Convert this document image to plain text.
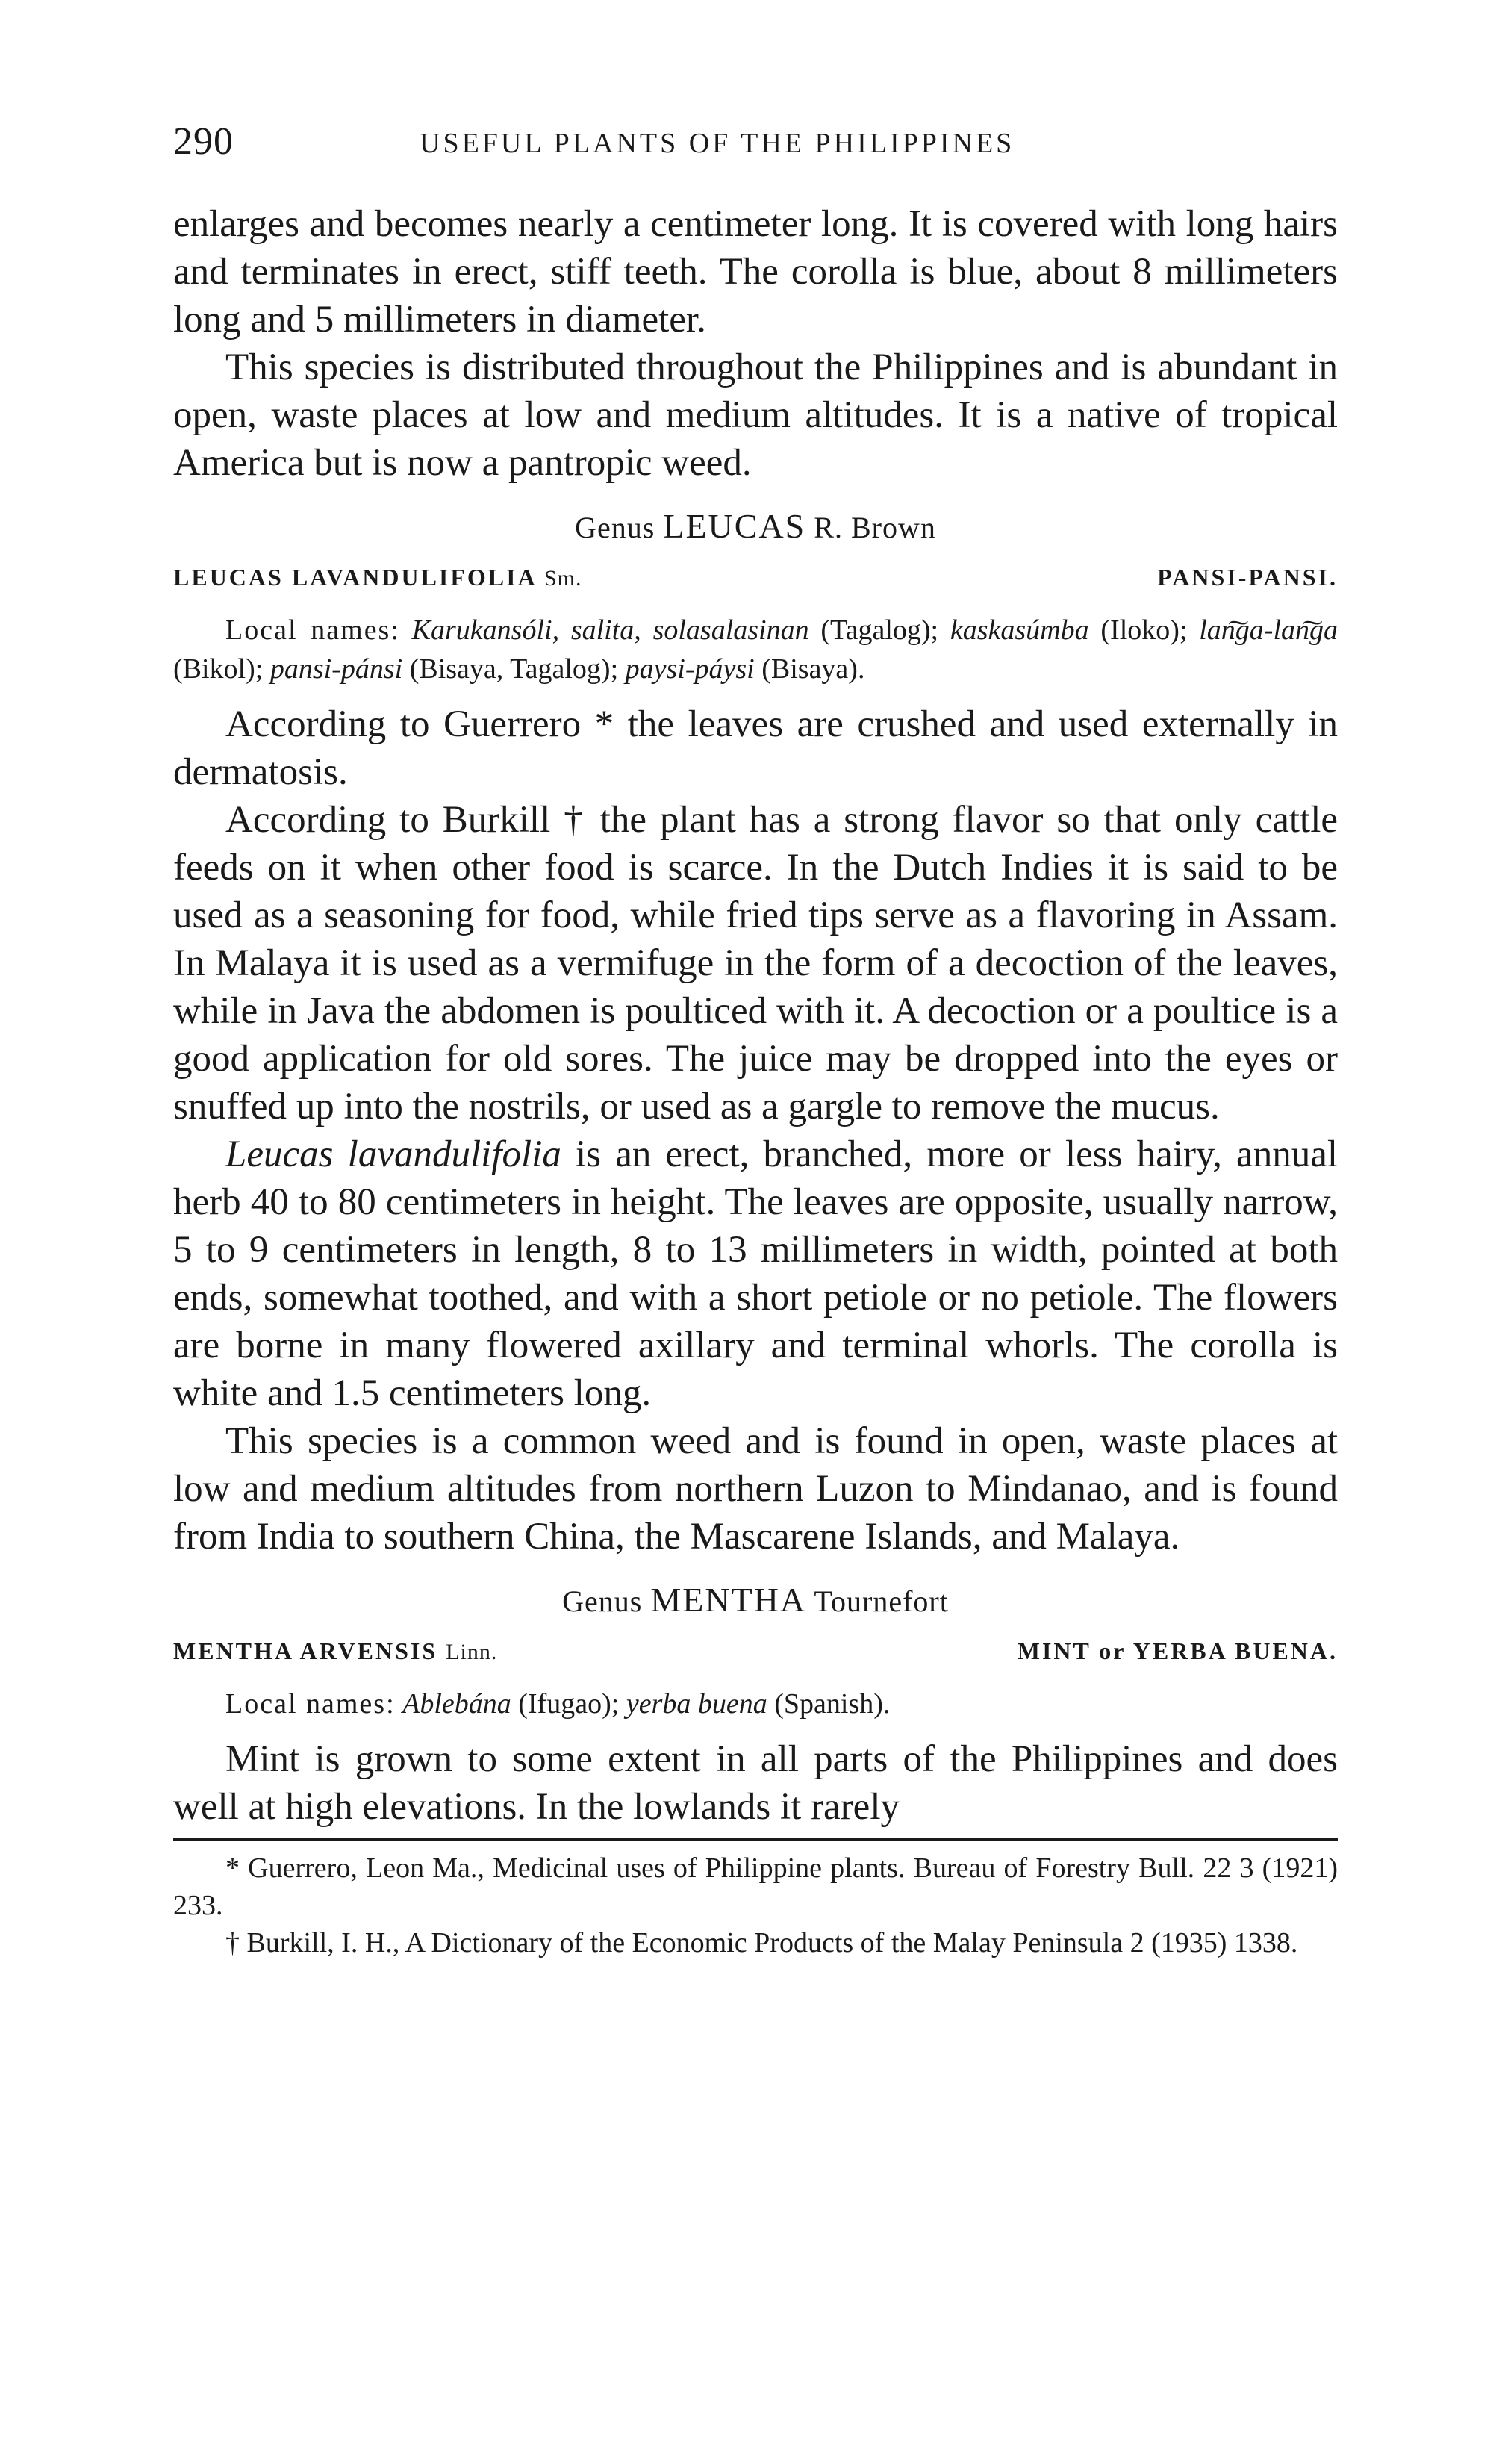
290	USEFUL PLANTS OF THE PHILIPPINES

enlarges and becomes nearly a centimeter long. It is covered with long hairs and terminates in erect, stiff teeth. The corolla is blue, about 8 millimeters long and 5 millimeters in diameter.

This species is distributed throughout the Philippines and is abundant in open, waste places at low and medium altitudes. It is a native of tropical America but is now a pantropic weed.

Genus LEUCAS R. Brown
LEUCAS LAVANDULIFOLIA Sm.	PANSI-PANSI.
Local names: Karukansóli, salita, solasalasinan (Tagalog); kaskasúmba (Iloko); lan͠ga-lan͠ga (Bikol); pansi-pánsi (Bisaya, Tagalog); paysi-páysi (Bisaya).

According to Guerrero * the leaves are crushed and used externally in dermatosis.

According to Burkill † the plant has a strong flavor so that only cattle feeds on it when other food is scarce. In the Dutch Indies it is said to be used as a seasoning for food, while fried tips serve as a flavoring in Assam. In Malaya it is used as a vermifuge in the form of a decoction of the leaves, while in Java the abdomen is poulticed with it. A decoction or a poultice is a good application for old sores. The juice may be dropped into the eyes or snuffed up into the nostrils, or used as a gargle to remove the mucus.

Leucas lavandulifolia is an erect, branched, more or less hairy, annual herb 40 to 80 centimeters in height. The leaves are opposite, usually narrow, 5 to 9 centimeters in length, 8 to 13 millimeters in width, pointed at both ends, somewhat toothed, and with a short petiole or no petiole. The flowers are borne in many flowered axillary and terminal whorls. The corolla is white and 1.5 centimeters long.

This species is a common weed and is found in open, waste places at low and medium altitudes from northern Luzon to Mindanao, and is found from India to southern China, the Mascarene Islands, and Malaya.

Genus MENTHA Tournefort
MENTHA ARVENSIS Linn.	MINT or YERBA BUENA.
Local names: Ablebána (Ifugao); yerba buena (Spanish).

Mint is grown to some extent in all parts of the Philippines and does well at high elevations. In the lowlands it rarely

* Guerrero, Leon Ma., Medicinal uses of Philippine plants. Bureau of Forestry Bull. 22 3 (1921) 233.
† Burkill, I. H., A Dictionary of the Economic Products of the Malay Peninsula 2 (1935) 1338.
